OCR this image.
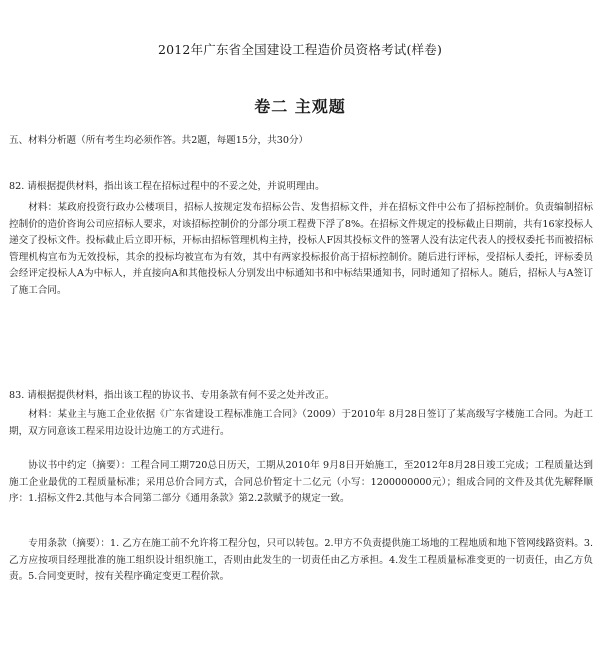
2012年广东省全国建设工程造价员资格考试(样卷)
卷二 主观题
五、材料分析题（所有考生均必须作答。共2题，每题15分，共30分）
82. 请根据提供材料，指出该工程在招标过程中的不妥之处，并说明理由。
材料：某政府投资行政办公楼项目，招标人按规定发布招标公告、发售招标文件，并在招标文件中公布了招标控制价。负责编制招标控制价的造价咨询公司应招标人要求，对该招标控制价的分部分项工程费下浮了8%。在招标文件规定的投标截止日期前，共有16家投标人递交了投标文件。投标截止后立即开标，开标由招标管理机构主持，投标人F因其投标文件的签署人没有法定代表人的授权委托书而被招标管理机构宣布为无效投标，其余的投标均被宣布为有效，其中有两家投标报价高于招标控制价。随后进行评标，受招标人委托，评标委员会经评定投标人A为中标人，并直接向A和其他投标人分别发出中标通知书和中标结果通知书，同时通知了招标人。随后，招标人与A签订了施工合同。
83. 请根据提供材料，指出该工程的协议书、专用条款有何不妥之处并改正。
材料：某业主与施工企业依据《广东省建设工程标准施工合同》（2009）于2010年 8月28日签订了某高级写字楼施工合同。为赶工期，双方同意该工程采用边设计边施工的方式进行。
协议书中约定（摘要）：工程合同工期720总日历天，工期从2010年 9月8日开始施工，至2012年8月28日竣工完成；工程质量达到施工企业最优的工程质量标准；采用总价合同方式，合同总价暂定十二亿元（小写：1200000000元）；组成合同的文件及其优先解释顺序：1.招标文件2.其他与本合同第二部分《通用条款》第2.2款赋予的规定一致。
专用条款（摘要）：1. 乙方在施工前不允许将工程分包，只可以转包。2.甲方不负责提供施工场地的工程地质和地下管网线路资料。3.乙方应按项目经理批准的施工组织设计组织施工，否则由此发生的一切责任由乙方承担。4.发生工程质量标准变更的一切责任，由乙方负责。5.合同变更时，按有关程序确定变更工程价款。
